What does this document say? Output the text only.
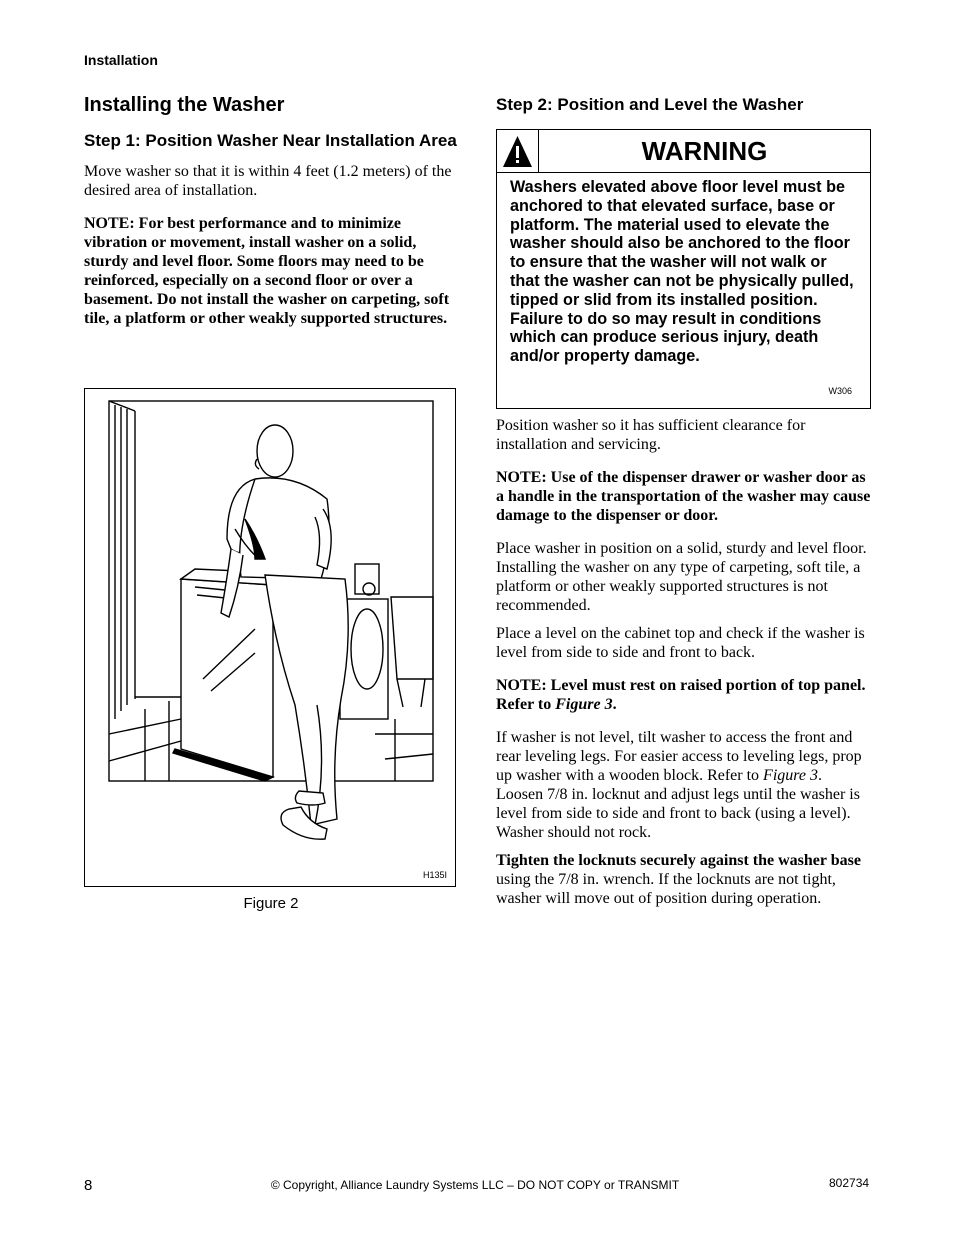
Installation
Installing the Washer
Step 1: Position Washer Near Installation Area

Move washer so that it is within 4 feet (1.2 meters) of the desired area of installation.

NOTE: For best performance and to minimize vibration or movement, install washer on a solid, sturdy and level floor. Some floors may need to be reinforced, especially on a second floor or over a basement. Do not install the washer on carpeting, soft tile, a platform or other weakly supported structures.

H135I
Figure 2
Step 2: Position and Level the Washer
WARNING
Washers elevated above floor level must be anchored to that elevated surface, base or platform. The material used to elevate the washer should also be anchored to the floor to ensure that the washer will not walk or that the washer can not be physically pulled, tipped or slid from its installed position. Failure to do so may result in conditions which can produce serious injury, death and/or property damage.
W306

Position washer so it has sufficient clearance for installation and servicing.

NOTE: Use of the dispenser drawer or washer door as a handle in the transportation of the washer may cause damage to the dispenser or door.

Place washer in position on a solid, sturdy and level floor. Installing the washer on any type of carpeting, soft tile, a platform or other weakly supported structures is not recommended.

Place a level on the cabinet top and check if the washer is level from side to side and front to back.

NOTE: Level must rest on raised portion of top panel. Refer to Figure 3.

If washer is not level, tilt washer to access the front and rear leveling legs. For easier access to leveling legs, prop up washer with a wooden block. Refer to Figure 3. Loosen 7/8 in. locknut and adjust legs until the washer is level from side to side and front to back (using a level). Washer should not rock.

Tighten the locknuts securely against the washer base using the 7/8 in. wrench. If the locknuts are not tight, washer will move out of position during operation.

8	© Copyright, Alliance Laundry Systems LLC – DO NOT COPY or TRANSMIT	802734
